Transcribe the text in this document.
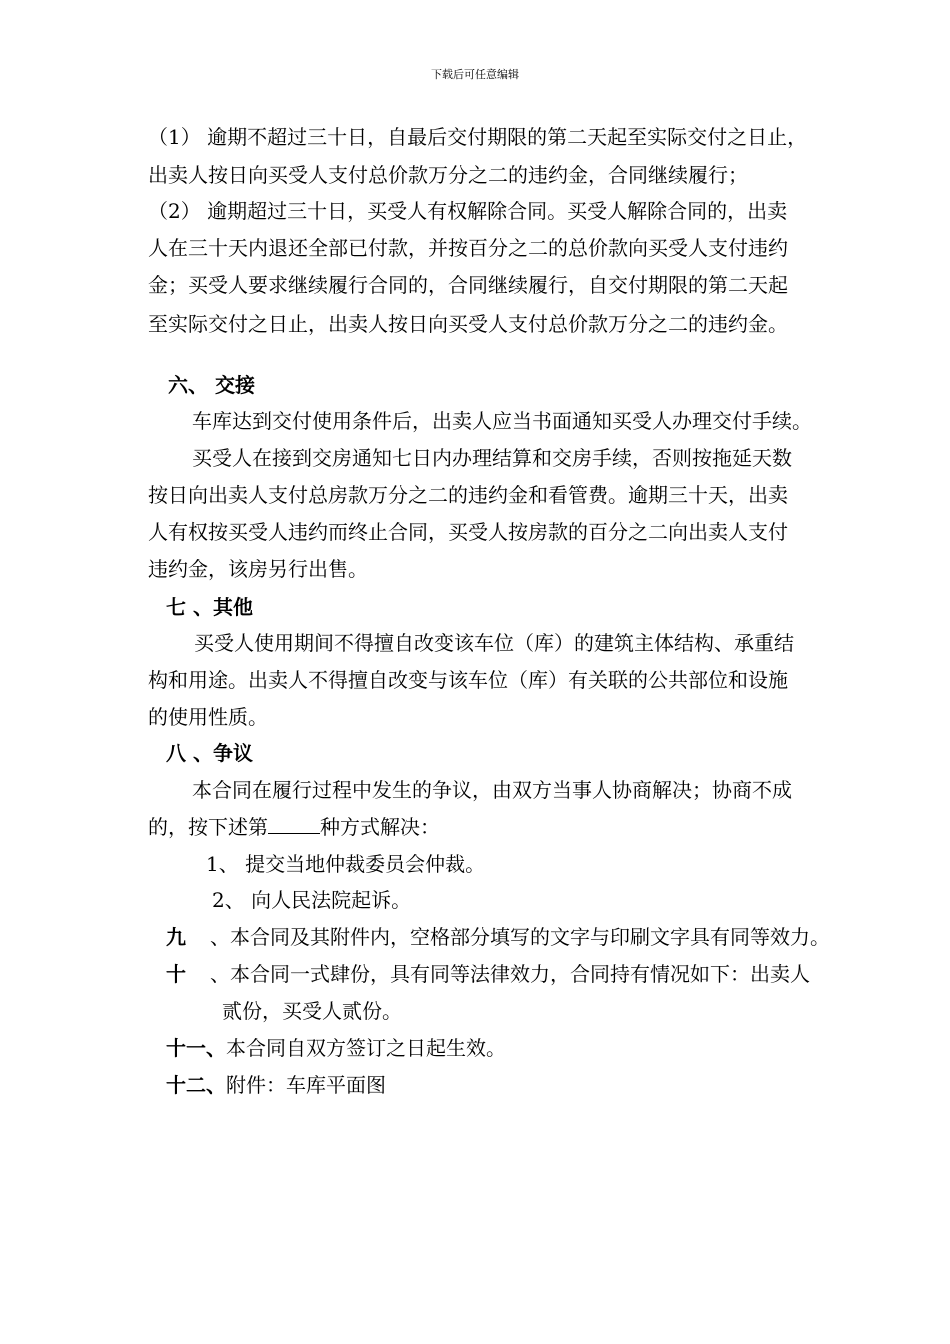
下载后可任意编辑
（1） 逾期不超过三十日，自最后交付期限的第二天起至实际交付之日止，
出卖人按日向买受人支付总价款万分之二的违约金，合同继续履行；
（2） 逾期超过三十日，买受人有权解除合同。买受人解除合同的，出卖
人在三十天内退还全部已付款，并按百分之二的总价款向买受人支付违约
金；买受人要求继续履行合同的，合同继续履行，自交付期限的第二天起
至实际交付之日止，出卖人按日向买受人支付总价款万分之二的违约金。
六、 交接
车库达到交付使用条件后，出卖人应当书面通知买受人办理交付手续。
买受人在接到交房通知七日内办理结算和交房手续，否则按拖延天数
按日向出卖人支付总房款万分之二的违约金和看管费。逾期三十天，出卖
人有权按买受人违约而终止合同，买受人按房款的百分之二向出卖人支付
违约金，该房另行出售。
七 、其他
买受人使用期间不得擅自改变该车位（库）的建筑主体结构、承重结
构和用途。出卖人不得擅自改变与该车位（库）有关联的公共部位和设施
的使用性质。
八 、争议
本合同在履行过程中发生的争议，由双方当事人协商解决；协商不成
的，按下述第	种方式解决：
1、 提交当地仲裁委员会仲裁。
2、 向人民法院起诉。
九 、本合同及其附件内，空格部分填写的文字与印刷文字具有同等效力。
十 、本合同一式肆份，具有同等法律效力，合同持有情况如下：出卖人
贰份，买受人贰份。
十一、本合同自双方签订之日起生效。
十二、附件：车库平面图
